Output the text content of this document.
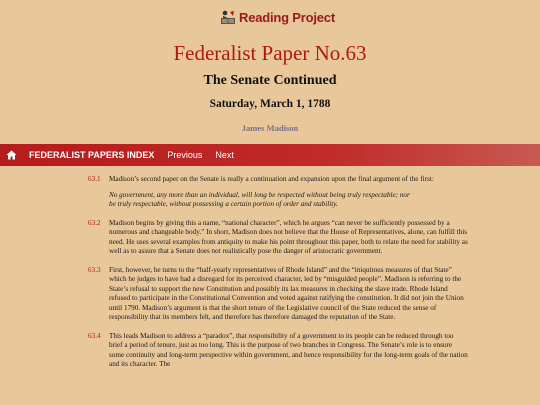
Reading Project
Federalist Paper No.63
The Senate Continued
Saturday, March 1, 1788
James Madison
FEDERALIST PAPERS INDEX Previous Next
63.1	Madison’s second paper on the Senate is really a continuation and expansion upon the final argument of the first:
No government, any more than an individual, will long be respected without being truly respectable; nor be truly respectable, without possessing a certain portion of order and stability.
63.2	Madison begins by giving this a name, “national character”, which he argues “can never be sufficiently possessed by a numerous and changeable body.” In short, Madison does not believe that the House of Representatives, alone, can fulfill this need. He uses several examples from antiquity to make his point throughout this paper, both to relate the need for stability as well as to assure that a Senate does not realistically pose the danger of aristocratic government.
63.3	First, however, he turns to the “half-yearly representatives of Rhode Island” and the “iniquitous measures of that State” which he judges to have had a disregard for its perceived character, led by “misguided people”. Madison is referring to the State’s refusal to support the new Constitution and possibly its lax measures in checking the slave trade. Rhode Island refused to participate in the Constitutional Convention and voted against ratifying the constitution. It did not join the Union until 1790. Madison’s argument is that the short tenure of the Legislative council of the State reduced the sense of responsibility that its members felt, and therefore has therefore damaged the reputation of the State.
63.4	This leads Madison to address a “paradox”, that responsibility of a government to its people can be reduced through too brief a period of tenure, just as too long. This is the purpose of two branches in Congress. The Senate’s role is to ensure some continuity and long-term perspective within government, and hence responsibility for the long-term goals of the nation and its character. The
